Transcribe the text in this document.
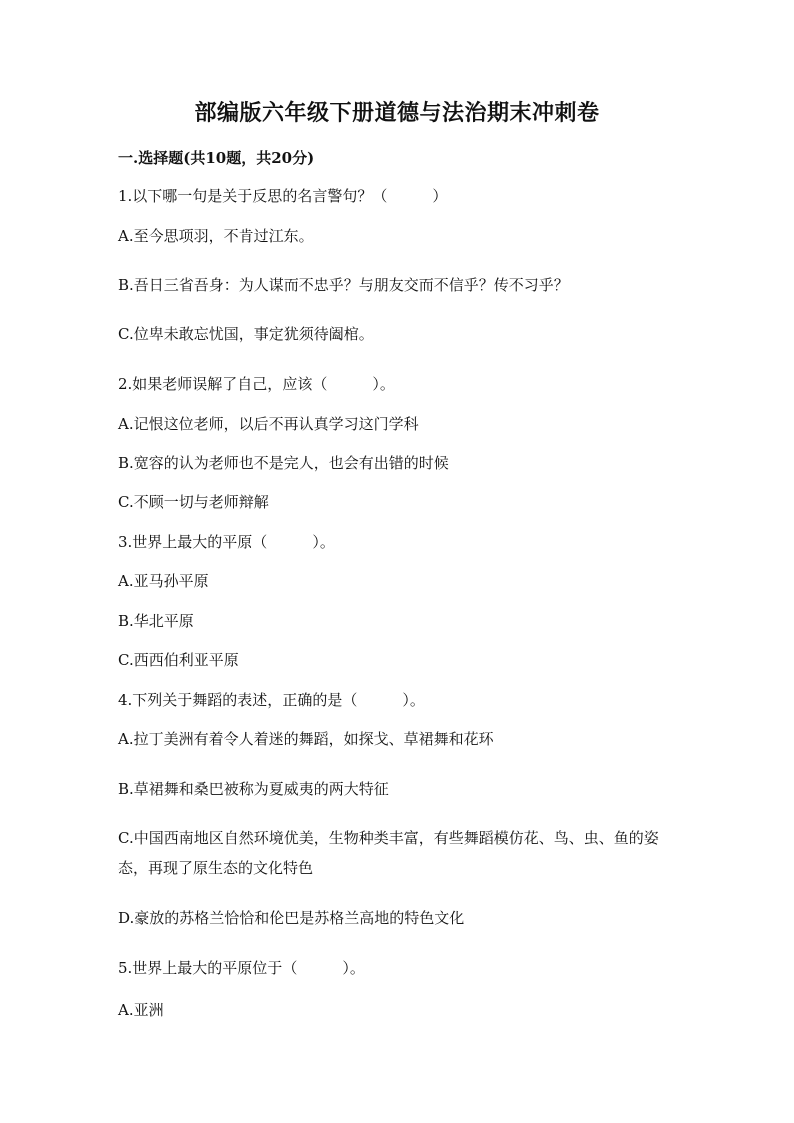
部编版六年级下册道德与法治期末冲刺卷
一.选择题(共10题，共20分)
1.以下哪一句是关于反思的名言警句？（　　　）
A.至今思项羽，不肯过江东。
B.吾日三省吾身：为人谋而不忠乎？与朋友交而不信乎？传不习乎？
C.位卑未敢忘忧国，事定犹须待阖棺。
2.如果老师误解了自己，应该（　　　）。
A.记恨这位老师，以后不再认真学习这门学科
B.宽容的认为老师也不是完人，也会有出错的时候
C.不顾一切与老师辩解
3.世界上最大的平原（　　　）。
A.亚马孙平原
B.华北平原
C.西西伯利亚平原
4.下列关于舞蹈的表述，正确的是（　　　）。
A.拉丁美洲有着令人着迷的舞蹈，如探戈、草裙舞和花环
B.草裙舞和桑巴被称为夏威夷的两大特征
C.中国西南地区自然环境优美，生物种类丰富，有些舞蹈模仿花、鸟、虫、鱼的姿 态，再现了原生态的文化特色
D.豪放的苏格兰恰恰和伦巴是苏格兰高地的特色文化
5.世界上最大的平原位于（　　　）。
A.亚洲
